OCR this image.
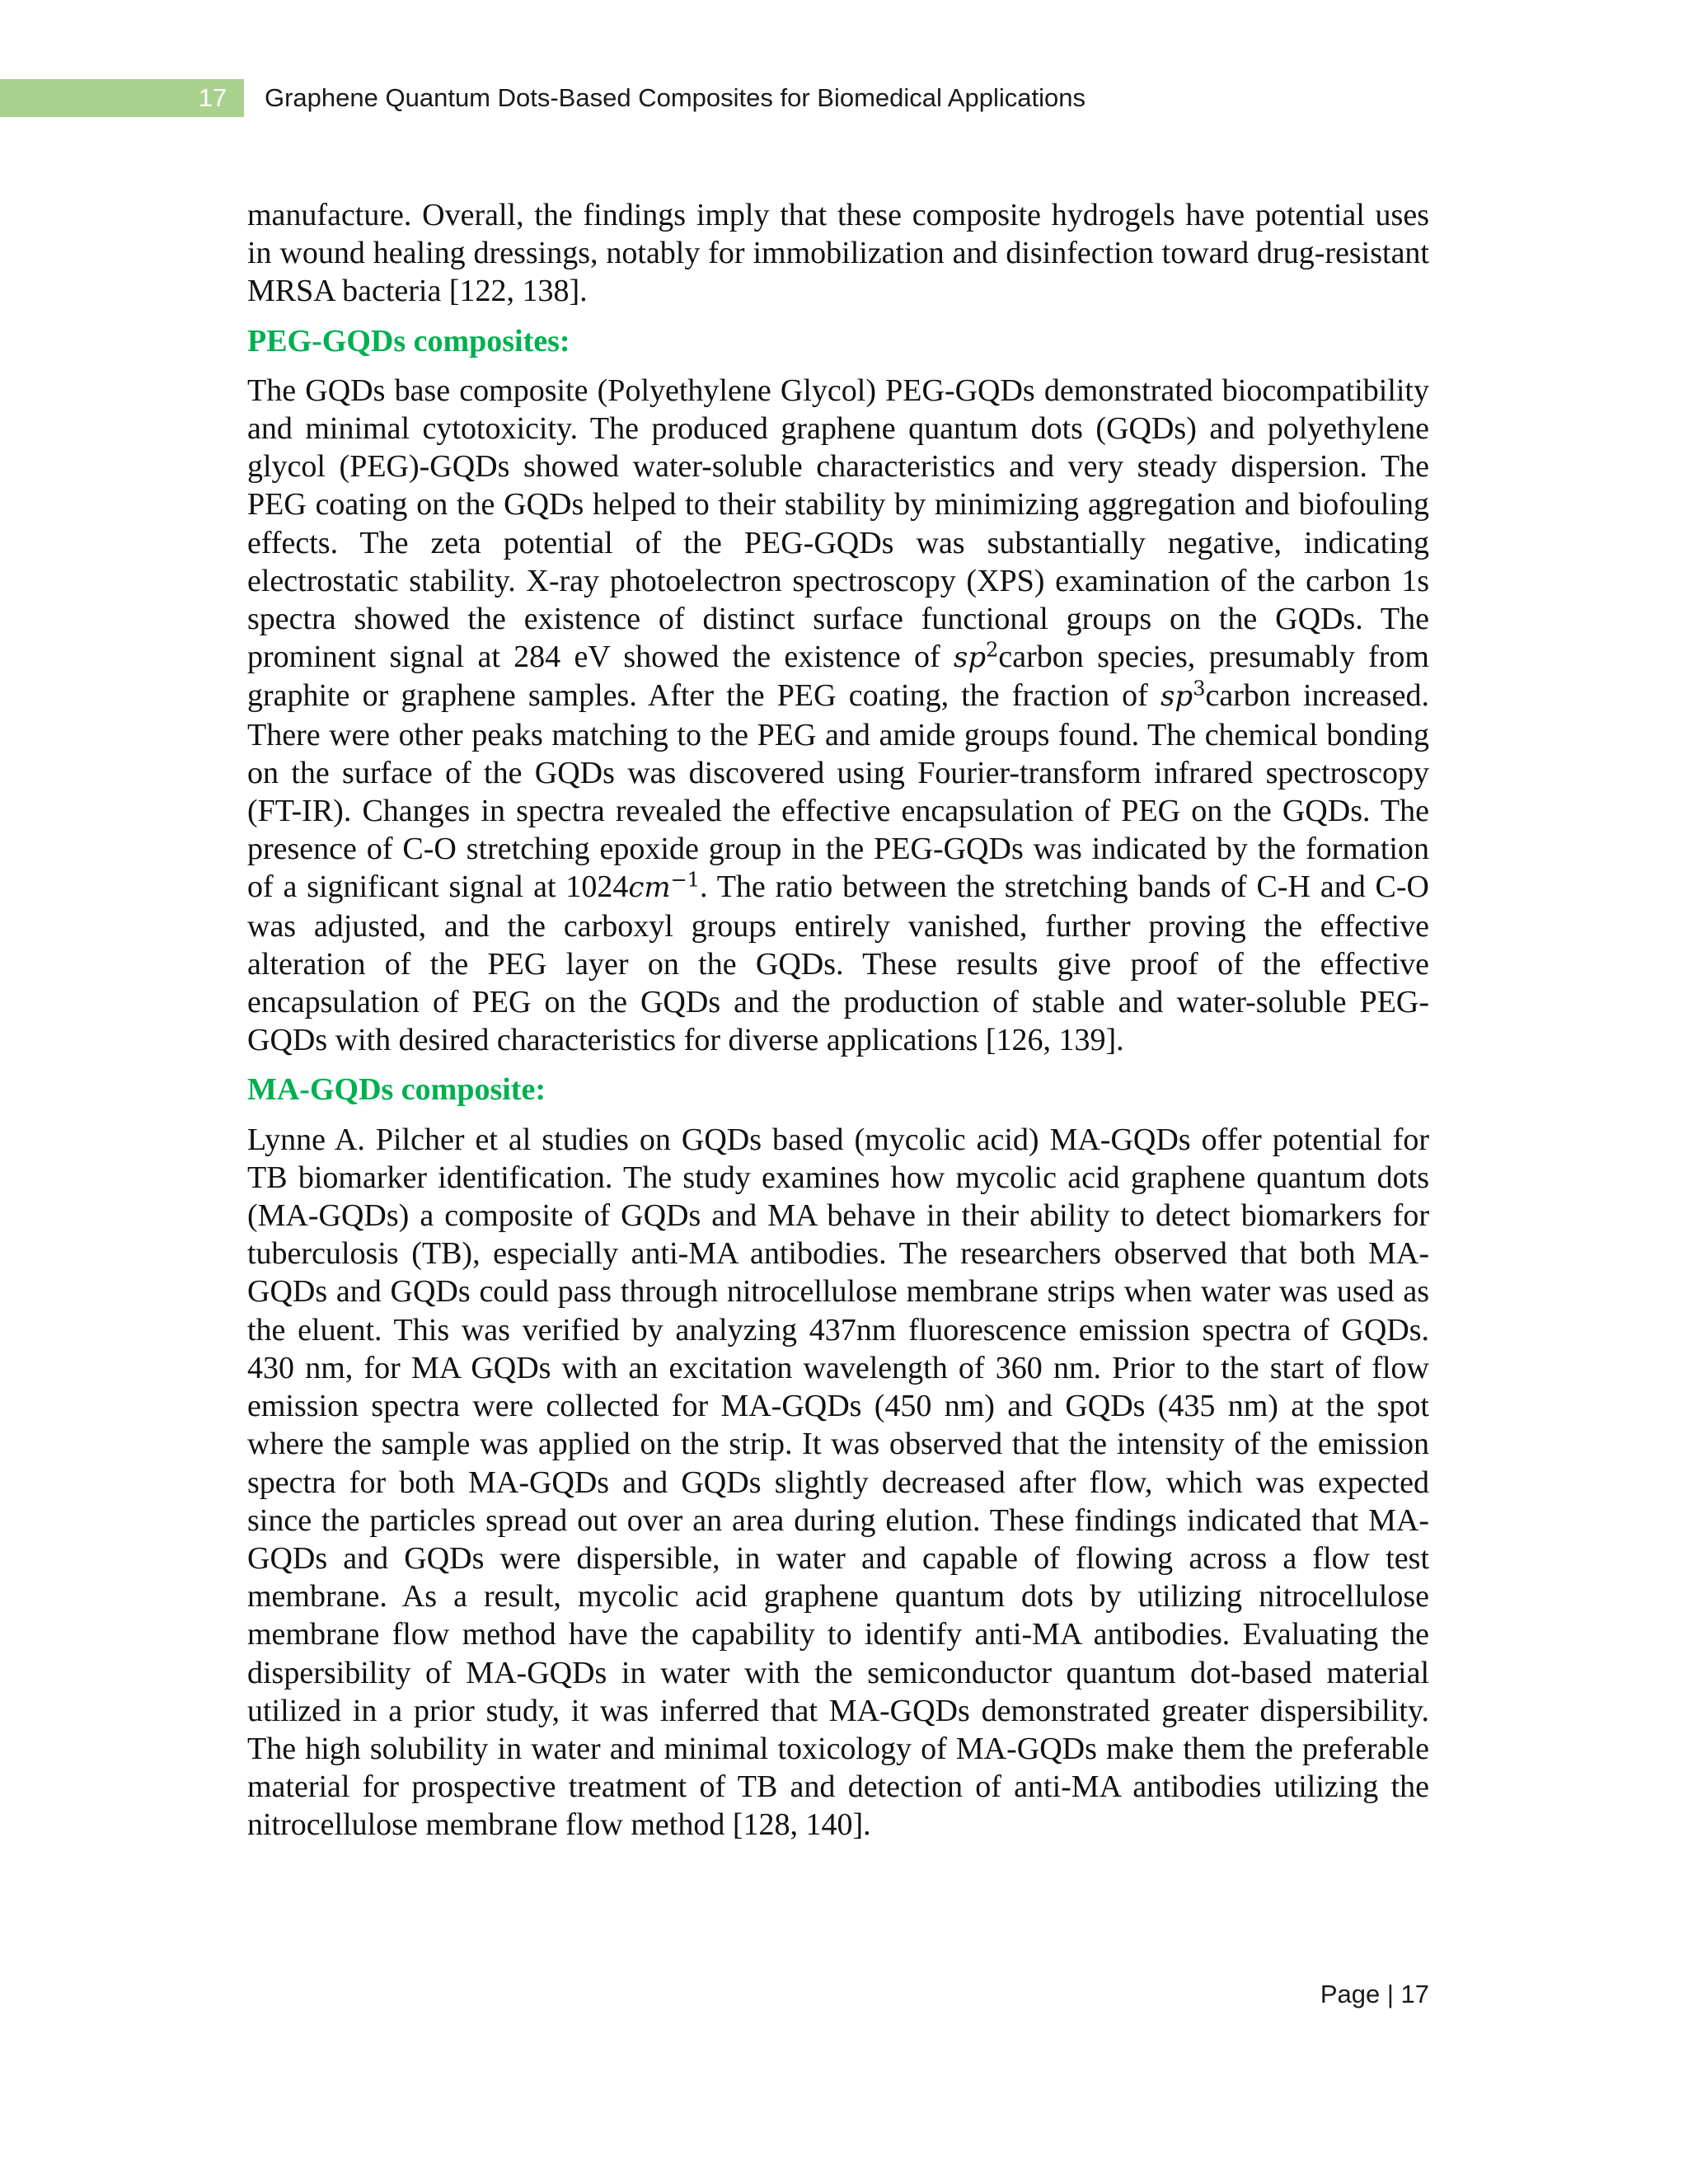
17 Graphene Quantum Dots-Based Composites for Biomedical Applications

manufacture. Overall, the findings imply that these composite hydrogels have potential uses in wound healing dressings, notably for immobilization and disinfection toward drug-resistant MRSA bacteria [122, 138].

PEG-GQDs composites:

The GQDs base composite (Polyethylene Glycol) PEG-GQDs demonstrated biocompatibility and minimal cytotoxicity. The produced graphene quantum dots (GQDs) and polyethylene glycol (PEG)-GQDs showed water-soluble characteristics and very steady dispersion. The PEG coating on the GQDs helped to their stability by minimizing aggregation and biofouling effects. The zeta potential of the PEG-GQDs was substantially negative, indicating electrostatic stability. X-ray photoelectron spectroscopy (XPS) examination of the carbon 1s spectra showed the existence of distinct surface functional groups on the GQDs. The prominent signal at 284 eV showed the existence of $sp^2carbon$ species, presumably from graphite or graphene samples. After the PEG coating, the fraction of $sp^3carbon$ increased. There were other peaks matching to the PEG and amide groups found. The chemical bonding on the surface of the GQDs was discovered using Fourier-transform infrared spectroscopy (FT-IR). Changes in spectra revealed the effective encapsulation of PEG on the GQDs. The presence of C-O stretching epoxide group in the PEG-GQDs was indicated by the formation of a significant signal at $1024cm^{-1}$. The ratio between the stretching bands of C-H and C-O was adjusted, and the carboxyl groups entirely vanished, further proving the effective alteration of the PEG layer on the GQDs. These results give proof of the effective encapsulation of PEG on the GQDs and the production of stable and water-soluble PEG-GQDs with desired characteristics for diverse applications [126, 139].

MA-GQDs composite:

Lynne A. Pilcher et al studies on GQDs based (mycolic acid) MA-GQDs offer potential for TB biomarker identification. The study examines how mycolic acid graphene quantum dots (MA-GQDs) a composite of GQDs and MA behave in their ability to detect biomarkers for tuberculosis (TB), especially anti-MA antibodies. The researchers observed that both MA-GQDs and GQDs could pass through nitrocellulose membrane strips when water was used as the eluent. This was verified by analyzing 437nm fluorescence emission spectra of GQDs. 430 nm, for MA GQDs with an excitation wavelength of 360 nm. Prior to the start of flow emission spectra were collected for MA-GQDs (450 nm) and GQDs (435 nm) at the spot where the sample was applied on the strip. It was observed that the intensity of the emission spectra for both MA-GQDs and GQDs slightly decreased after flow, which was expected since the particles spread out over an area during elution. These findings indicated that MA-GQDs and GQDs were dispersible, in water and capable of flowing across a flow test membrane. As a result, mycolic acid graphene quantum dots by utilizing nitrocellulose membrane flow method have the capability to identify anti-MA antibodies. Evaluating the dispersibility of MA-GQDs in water with the semiconductor quantum dot-based material utilized in a prior study, it was inferred that MA-GQDs demonstrated greater dispersibility. The high solubility in water and minimal toxicology of MA-GQDs make them the preferable material for prospective treatment of TB and detection of anti-MA antibodies utilizing the nitrocellulose membrane flow method [128, 140].

Page | 17
